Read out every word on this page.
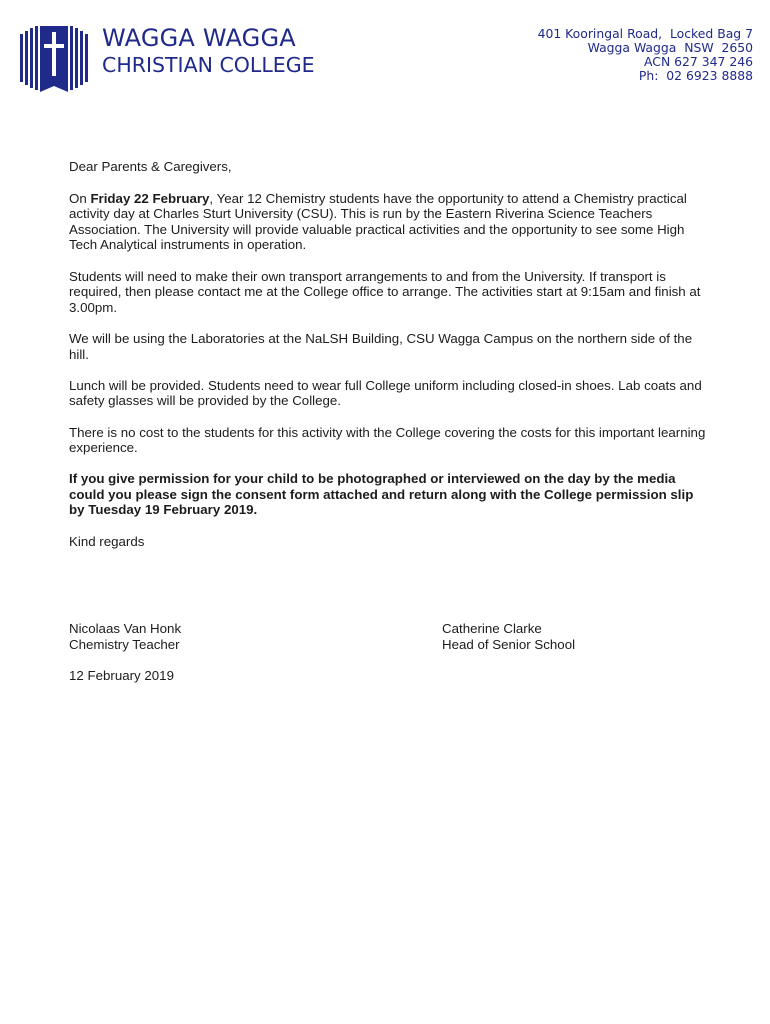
WAGGA WAGGA
CHRISTIAN COLLEGE
401 Kooringal Road,  Locked Bag 7
Wagga Wagga  NSW  2650
ACN 627 347 246
Ph:  02 6923 8888

Dear Parents & Caregivers,

On Friday 22 February, Year 12 Chemistry students have the opportunity to attend a Chemistry practical activity day at Charles Sturt University (CSU). This is run by the Eastern Riverina Science Teachers Association. The University will provide valuable practical activities and the opportunity to see some High Tech Analytical instruments in operation.

Students will need to make their own transport arrangements to and from the University. If transport is required, then please contact me at the College office to arrange. The activities start at 9:15am and finish at 3.00pm.

We will be using the Laboratories at the NaLSH Building, CSU Wagga Campus on the northern side of the hill.

Lunch will be provided. Students need to wear full College uniform including closed-in shoes. Lab coats and safety glasses will be provided by the College.

There is no cost to the students for this activity with the College covering the costs for this important learning experience.

If you give permission for your child to be photographed or interviewed on the day by the media could you please sign the consent form attached and return along with the College permission slip by Tuesday 19 February 2019.

Kind regards

Nicolaas Van Honk
Chemistry Teacher
Catherine Clarke
Head of Senior School
12 February 2019
